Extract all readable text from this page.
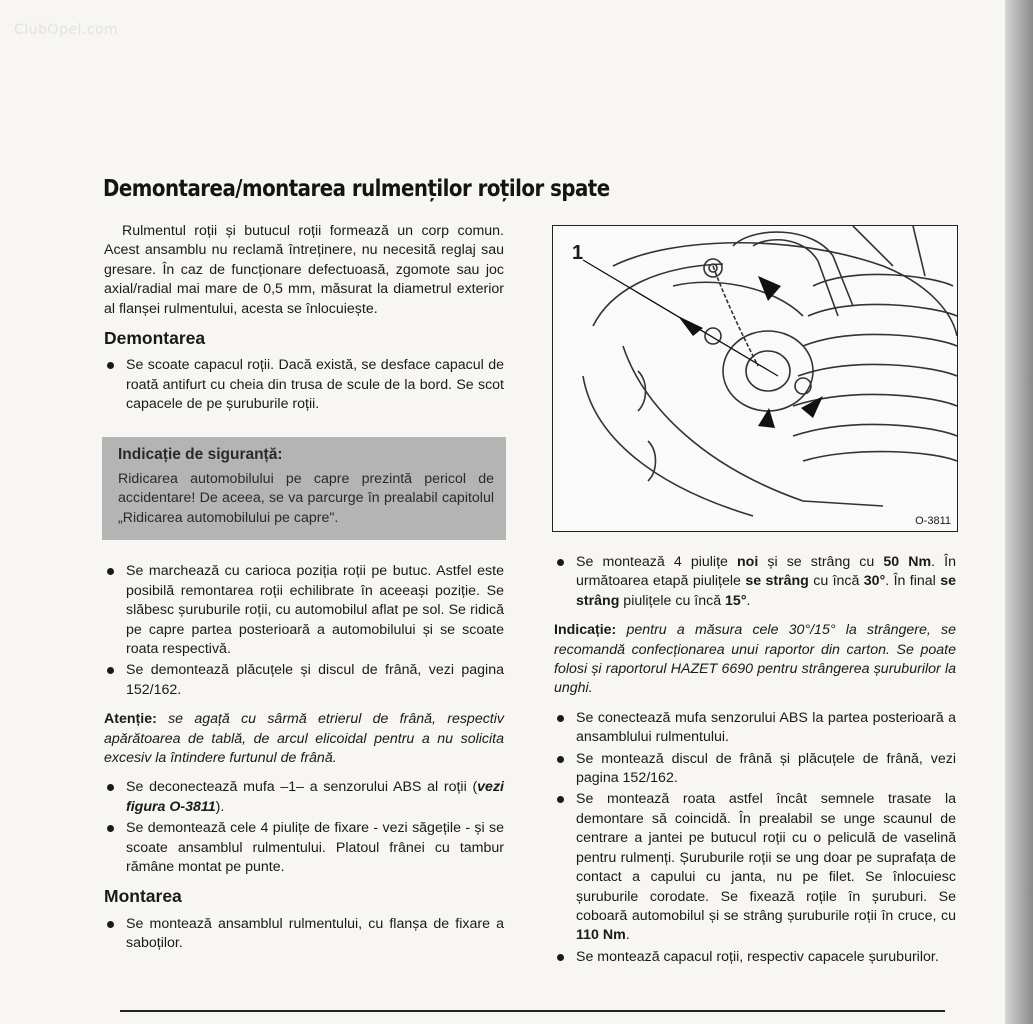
ClubOpel.com
Demontarea/montarea rulmenților roților spate

Rulmentul roții și butucul roții formează un corp comun. Acest ansamblu nu reclamă întreținere, nu necesită reglaj sau gresare. În caz de funcționare defectuoasă, zgomote sau joc axial/radial mai mare de 0,5 mm, măsurat la diametrul exterior al flanșei rulmentului, acesta se înlocuiește.

Demontarea
Se scoate capacul roții. Dacă există, se desface capacul de roată antifurt cu cheia din trusa de scule de la bord. Se scot capacele de pe șuruburile roții.
Indicație de siguranță:
Ridicarea automobilului pe capre prezintă pericol de accidentare! De aceea, se va parcurge în prealabil capitolul „Ridicarea automobilului pe capre".
Se marchează cu carioca poziția roții pe butuc. Astfel este posibilă remontarea roții echilibrate în aceeași poziție. Se slăbesc șuruburile roții, cu automobilul aflat pe sol. Se ridică pe capre partea posterioară a automobilului și se scoate roata respectivă.
Se demontează plăcuțele și discul de frână, vezi pagina 152/162.

Atenție: se agață cu sârmă etrierul de frână, respectiv apărătoarea de tablă, de arcul elicoidal pentru a nu solicita excesiv la întindere furtunul de frână.

Se deconectează mufa –1– a senzorului ABS al roții (vezi figura O-3811).
Se demontează cele 4 piulițe de fixare - vezi săgețile - și se scoate ansamblul rulmentului. Platoul frânei cu tambur rămâne montat pe punte.
Montarea
Se montează ansamblul rulmentului, cu flanșa de fixare a saboților.
1
O-3811
Se montează 4 piulițe noi și se strâng cu 50 Nm. În următoarea etapă piulițele se strâng cu încă 30°. În final se strâng piulițele cu încă 15°.

Indicație: pentru a măsura cele 30°/15° la strângere, se recomandă confecționarea unui raportor din carton. Se poate folosi și raportorul HAZET 6690 pentru strângerea șuruburilor la unghi.

Se conectează mufa senzorului ABS la partea posterioară a ansamblului rulmentului.
Se montează discul de frână și plăcuțele de frână, vezi pagina 152/162.
Se montează roata astfel încât semnele trasate la demontare să coincidă. În prealabil se unge scaunul de centrare a jantei pe butucul roții cu o peliculă de vaselină pentru rulmenți. Șuruburile roții se ung doar pe suprafața de contact a capului cu janta, nu pe filet. Se înlocuiesc șuruburile corodate. Se fixează roțile în șuruburi. Se coboară automobilul și se strâng șuruburile roții în cruce, cu 110 Nm.
Se montează capacul roții, respectiv capacele șuruburilor.
